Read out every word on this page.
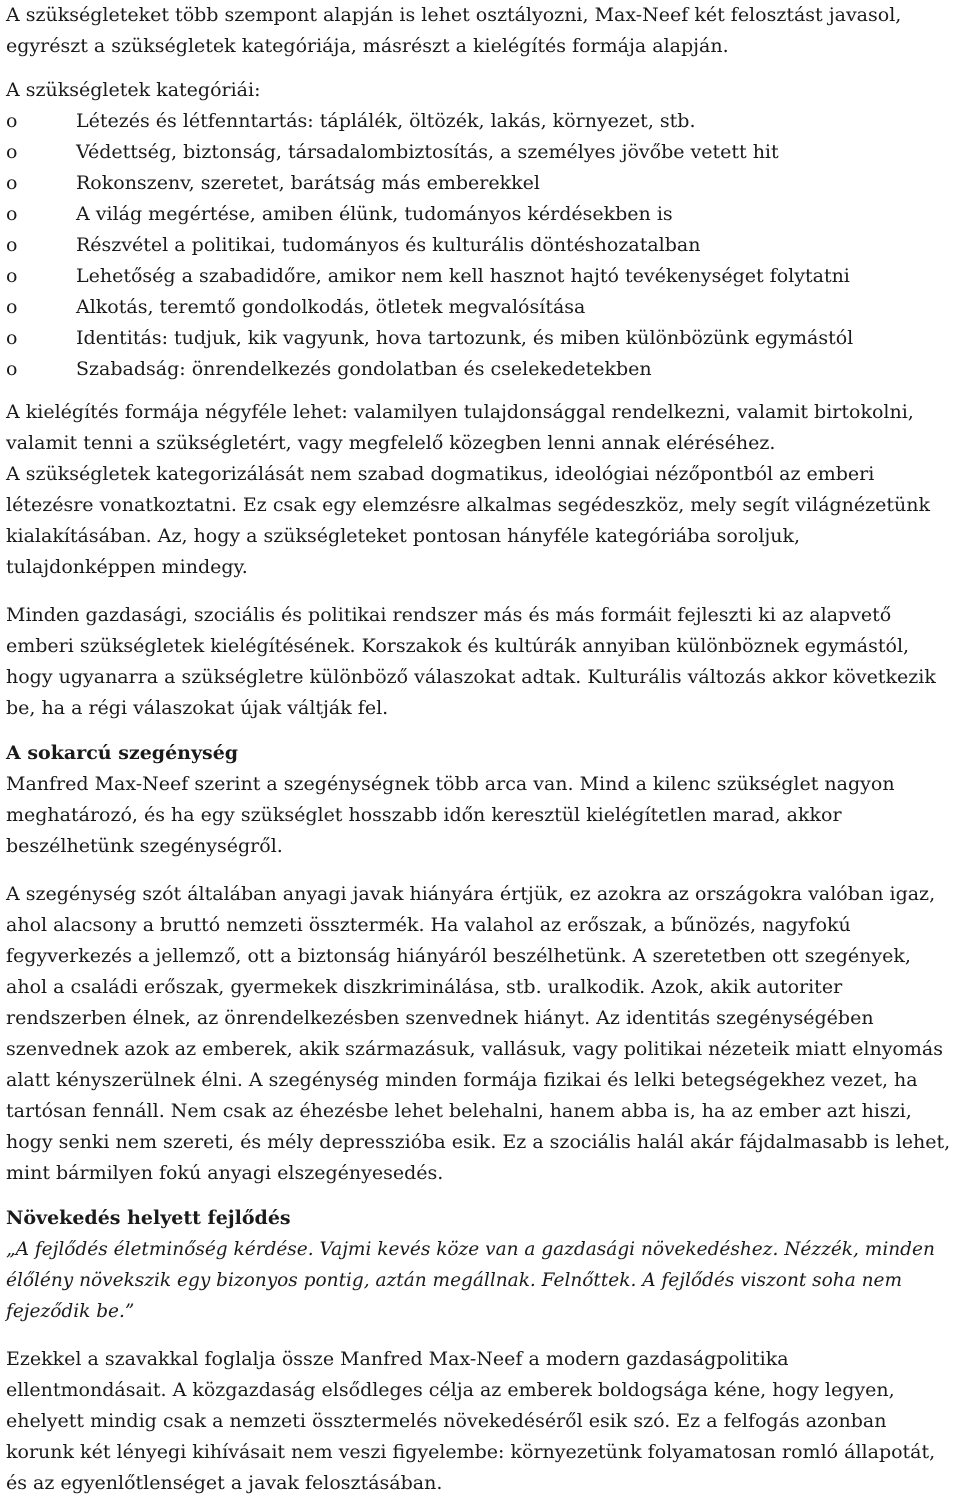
A szükségleteket több szempont alapján is lehet osztályozni, Max-Neef két felosztást javasol, egyrészt a szükségletek kategóriája, másrészt a kielégítés formája alapján.

A szükségletek kategóriái:

o	Létezés és létfenntartás: táplálék, öltözék, lakás, környezet, stb.
o	Védettség, biztonság, társadalombiztosítás, a személyes jövőbe vetett hit
o	Rokonszenv, szeretet, barátság más emberekkel
o	A világ megértése, amiben élünk, tudományos kérdésekben is
o	Részvétel a politikai, tudományos és kulturális döntéshozatalban
o	Lehetőség a szabadidőre, amikor nem kell hasznot hajtó tevékenységet folytatni
o	Alkotás, teremtő gondolkodás, ötletek megvalósítása
o	Identitás: tudjuk, kik vagyunk, hova tartozunk, és miben különbözünk egymástól
o	Szabadság: önrendelkezés gondolatban és cselekedetekben

A kielégítés formája négyféle lehet: valamilyen tulajdonsággal rendelkezni, valamit birtokolni, valamit tenni a szükségletért, vagy megfelelő közegben lenni annak eléréséhez.

A szükségletek kategorizálását nem szabad dogmatikus, ideológiai nézőpontból az emberi létezésre vonatkoztatni. Ez csak egy elemzésre alkalmas segédeszköz, mely segít világnézetünk kialakításában. Az, hogy a szükségleteket pontosan hányféle kategóriába soroljuk, tulajdonképpen mindegy.

Minden gazdasági, szociális és politikai rendszer más és más formáit fejleszti ki az alapvető emberi szükségletek kielégítésének. Korszakok és kultúrák annyiban különböznek egymástól, hogy ugyanarra a szükségletre különböző válaszokat adtak. Kulturális változás akkor következik be, ha a régi válaszokat újak váltják fel.

A sokarcú szegénység

Manfred Max-Neef szerint a szegénységnek több arca van. Mind a kilenc szükséglet nagyon meghatározó, és ha egy szükséglet hosszabb időn keresztül kielégítetlen marad, akkor beszélhetünk szegénységről.

A szegénység szót általában anyagi javak hiányára értjük, ez azokra az országokra valóban igaz, ahol alacsony a bruttó nemzeti össztermék. Ha valahol az erőszak, a bűnözés, nagyfokú fegyverkezés a jellemző, ott a biztonság hiányáról beszélhetünk. A szeretetben ott szegények, ahol a családi erőszak, gyermekek diszkriminálása, stb. uralkodik. Azok, akik autoriter rendszerben élnek, az önrendelkezésben szenvednek hiányt. Az identitás szegénységében szenvednek azok az emberek, akik származásuk, vallásuk, vagy politikai nézeteik miatt elnyomás alatt kényszerülnek élni. A szegénység minden formája fizikai és lelki betegségekhez vezet, ha tartósan fennáll. Nem csak az éhezésbe lehet belehalni, hanem abba is, ha az ember azt hiszi, hogy senki nem szereti, és mély depresszióba esik. Ez a szociális halál akár fájdalmasabb is lehet, mint bármilyen fokú anyagi elszegényesedés.

Növekedés helyett fejlődés

„A fejlődés életminőség kérdése. Vajmi kevés köze van a gazdasági növekedéshez. Nézzék, minden élőlény növekszik egy bizonyos pontig, aztán megállnak. Felnőttek. A fejlődés viszont soha nem fejeződik be.”

Ezekkel a szavakkal foglalja össze Manfred Max-Neef a modern gazdaságpolitika ellentmondásait. A közgazdaság elsődleges célja az emberek boldogsága kéne, hogy legyen, ehelyett mindig csak a nemzeti össztermelés növekedéséről esik szó. Ez a felfogás azonban korunk két lényegi kihívásait nem veszi figyelembe: környezetünk folyamatosan romló állapotát, és az egyenlőtlenséget a javak felosztásában.
